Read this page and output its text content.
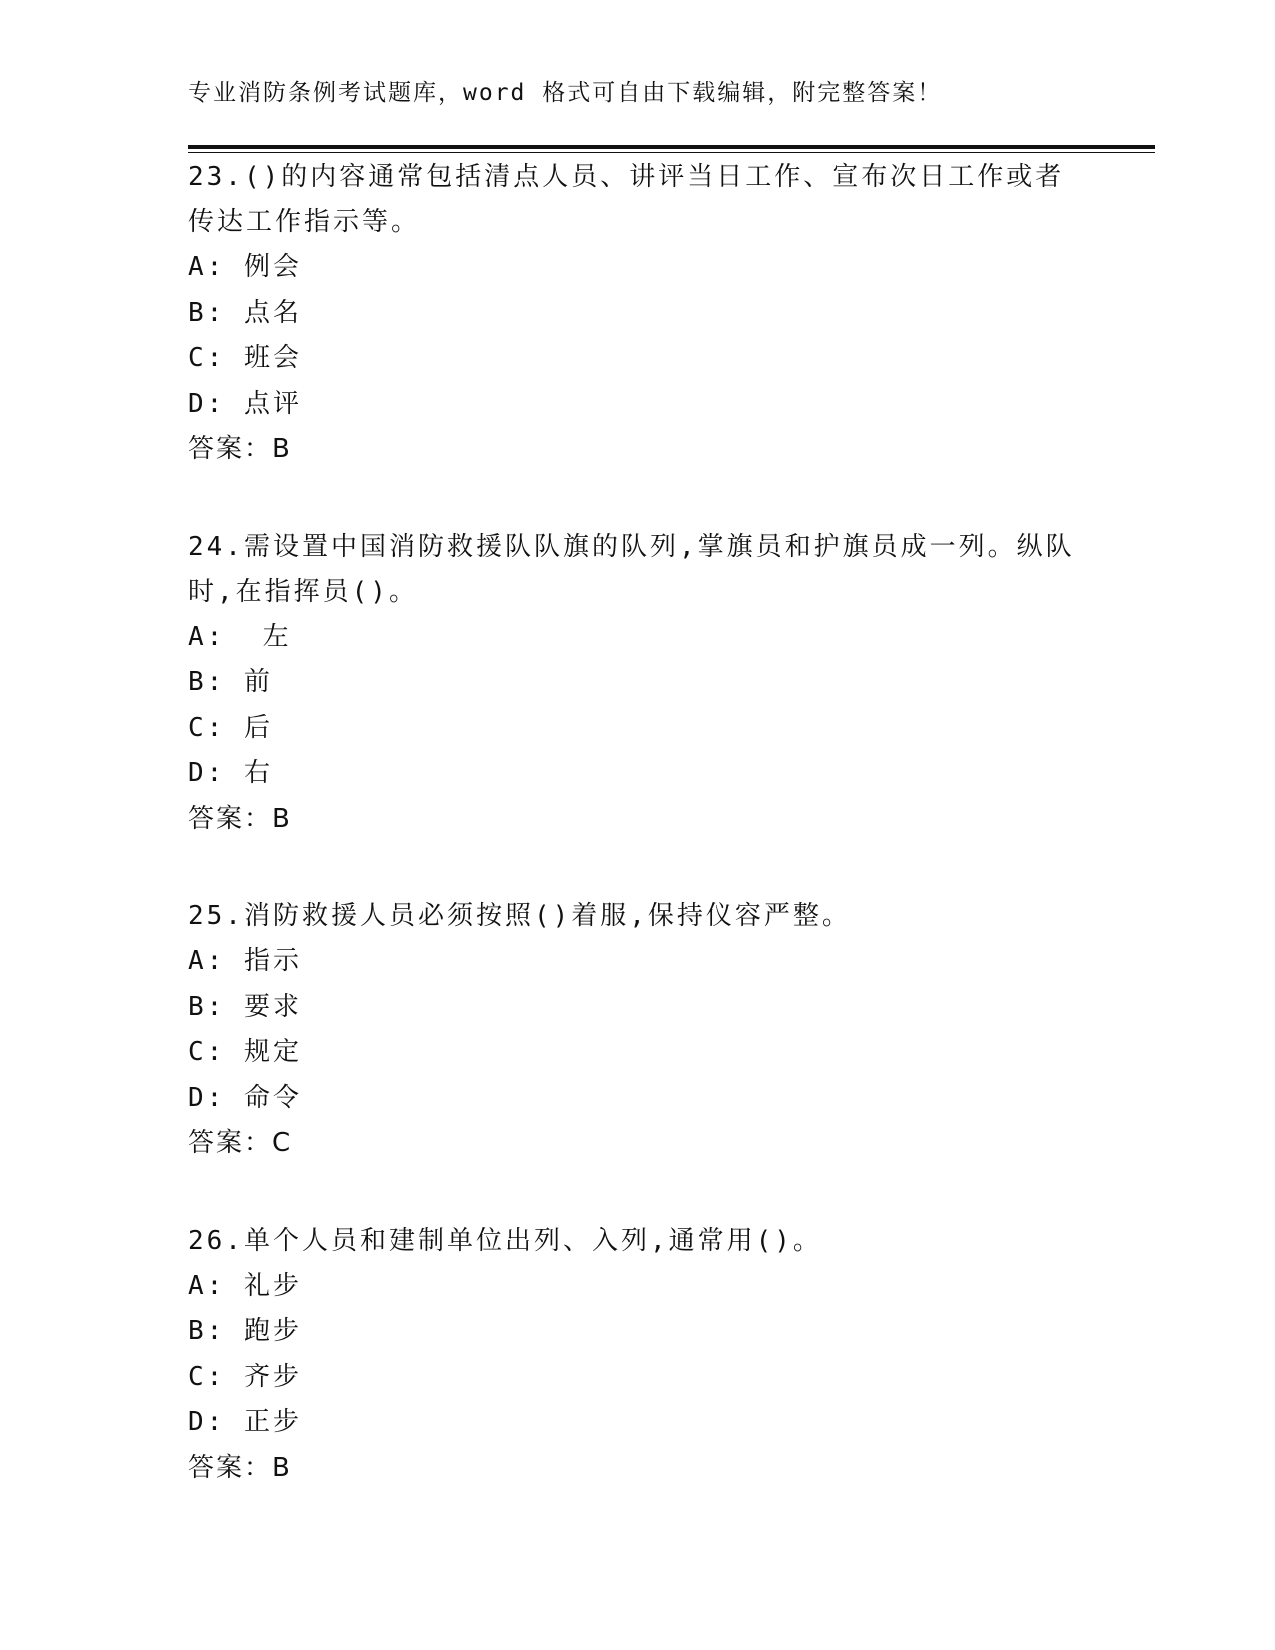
专业消防条例考试题库，word 格式可自由下载编辑，附完整答案！
23.()的内容通常包括清点人员、讲评当日工作、宣布次日工作或者传达工作指示等。
A: 例会
B: 点名
C: 班会
D: 点评
答案：B
24.需设置中国消防救援队队旗的队列,掌旗员和护旗员成一列。纵队时,在指挥员()。
A:  左
B: 前
C: 后
D: 右
答案：B
25.消防救援人员必须按照()着服,保持仪容严整。
A: 指示
B: 要求
C: 规定
D: 命令
答案：C
26.单个人员和建制单位出列、入列,通常用()。
A: 礼步
B: 跑步
C: 齐步
D: 正步
答案：B
